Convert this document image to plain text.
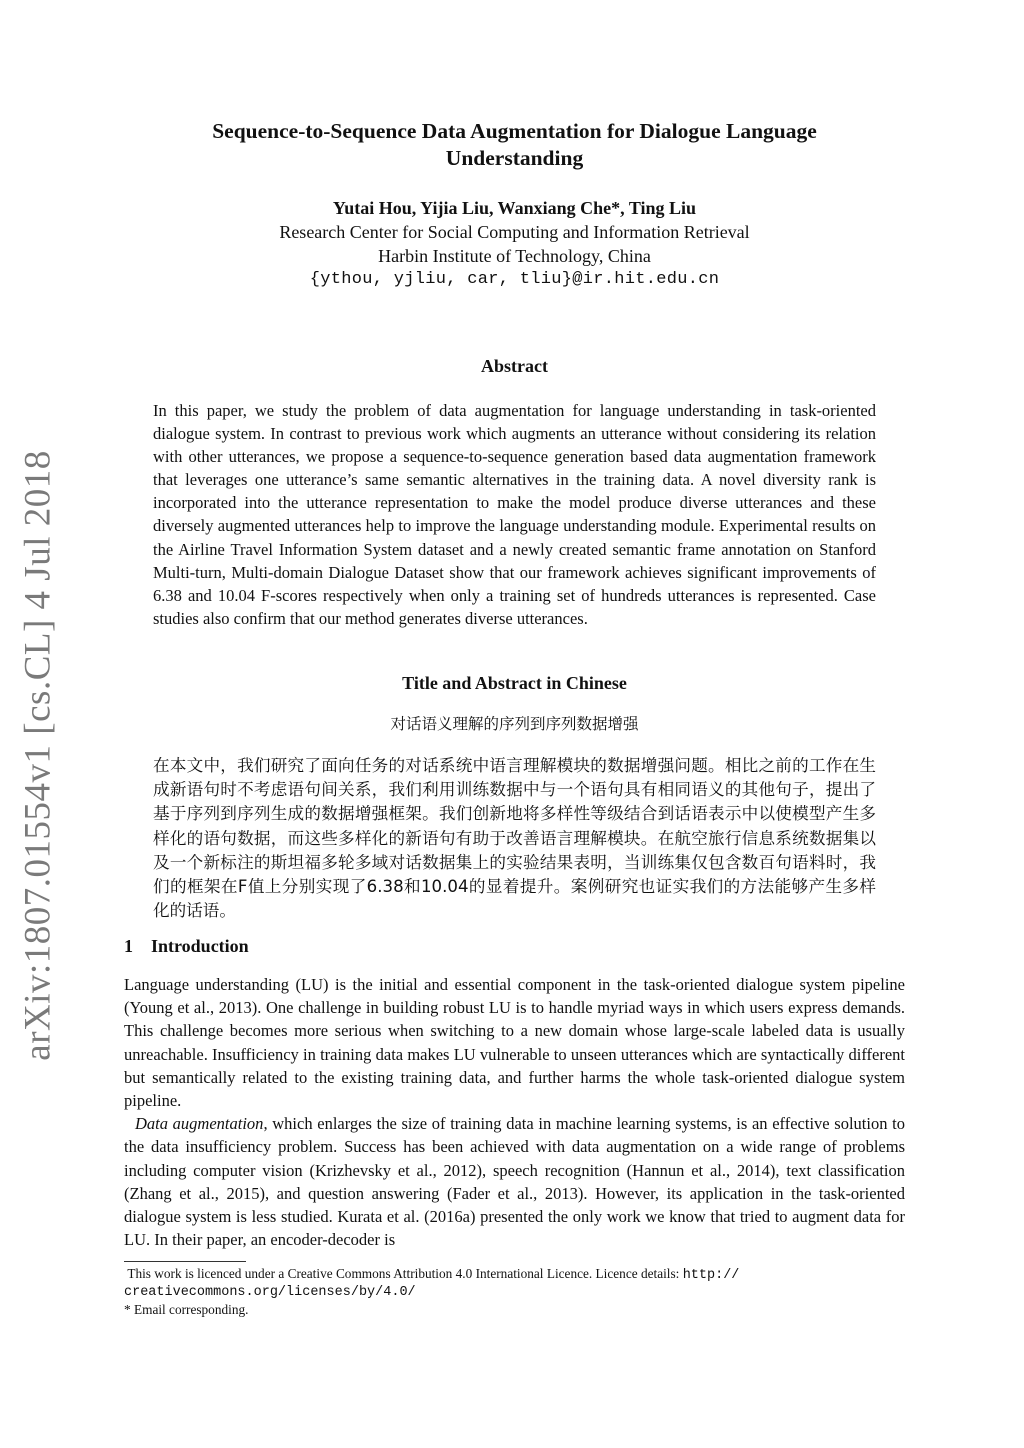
arXiv:1807.01554v1 [cs.CL] 4 Jul 2018
Sequence-to-Sequence Data Augmentation for Dialogue Language
Understanding
Yutai Hou, Yijia Liu, Wanxiang Che*, Ting Liu
Research Center for Social Computing and Information Retrieval
Harbin Institute of Technology, China
{ythou, yjliu, car, tliu}@ir.hit.edu.cn
Abstract

In this paper, we study the problem of data augmentation for language understanding in task-oriented dialogue system. In contrast to previous work which augments an utterance without considering its relation with other utterances, we propose a sequence-to-sequence generation based data augmentation framework that leverages one utterance’s same semantic alternatives in the training data. A novel diversity rank is incorporated into the utterance representation to make the model produce diverse utterances and these diversely augmented utterances help to improve the language understanding module. Experimental results on the Airline Travel Information System dataset and a newly created semantic frame annotation on Stanford Multi-turn, Multi-domain Dialogue Dataset show that our framework achieves significant improvements of 6.38 and 10.04 F-scores respectively when only a training set of hundreds utterances is represented. Case studies also confirm that our method generates diverse utterances.

Title and Abstract in Chinese

对话语义理解的序列到序列数据增强

在本文中，我们研究了面向任务的对话系统中语言理解模块的数据增强问题。相比之前的工作在生成新语句时不考虑语句间关系，我们利用训练数据中与一个语句具有相同语义的其他句子，提出了基于序列到序列生成的数据增强框架。我们创新地将多样性等级结合到话语表示中以使模型产生多样化的语句数据，而这些多样化的新语句有助于改善语言理解模块。在航空旅行信息系统数据集以及一个新标注的斯坦福多轮多域对话数据集上的实验结果表明，当训练集仅包含数百句语料时，我们的框架在F值上分别实现了6.38和10.04的显着提升。案例研究也证实我们的方法能够产生多样化的话语。

1 Introduction

Language understanding (LU) is the initial and essential component in the task-oriented dialogue system pipeline (Young et al., 2013). One challenge in building robust LU is to handle myriad ways in which users express demands. This challenge becomes more serious when switching to a new domain whose large-scale labeled data is usually unreachable. Insufficiency in training data makes LU vulnerable to unseen utterances which are syntactically different but semantically related to the existing training data, and further harms the whole task-oriented dialogue system pipeline.

Data augmentation, which enlarges the size of training data in machine learning systems, is an effective solution to the data insufficiency problem. Success has been achieved with data augmentation on a wide range of problems including computer vision (Krizhevsky et al., 2012), speech recognition (Hannun et al., 2014), text classification (Zhang et al., 2015), and question answering (Fader et al., 2013). However, its application in the task-oriented dialogue system is less studied. Kurata et al. (2016a) presented the only work we know that tried to augment data for LU. In their paper, an encoder-decoder is

This work is licenced under a Creative Commons Attribution 4.0 International Licence. Licence details: http://
creativecommons.org/licenses/by/4.0/
* Email corresponding.
